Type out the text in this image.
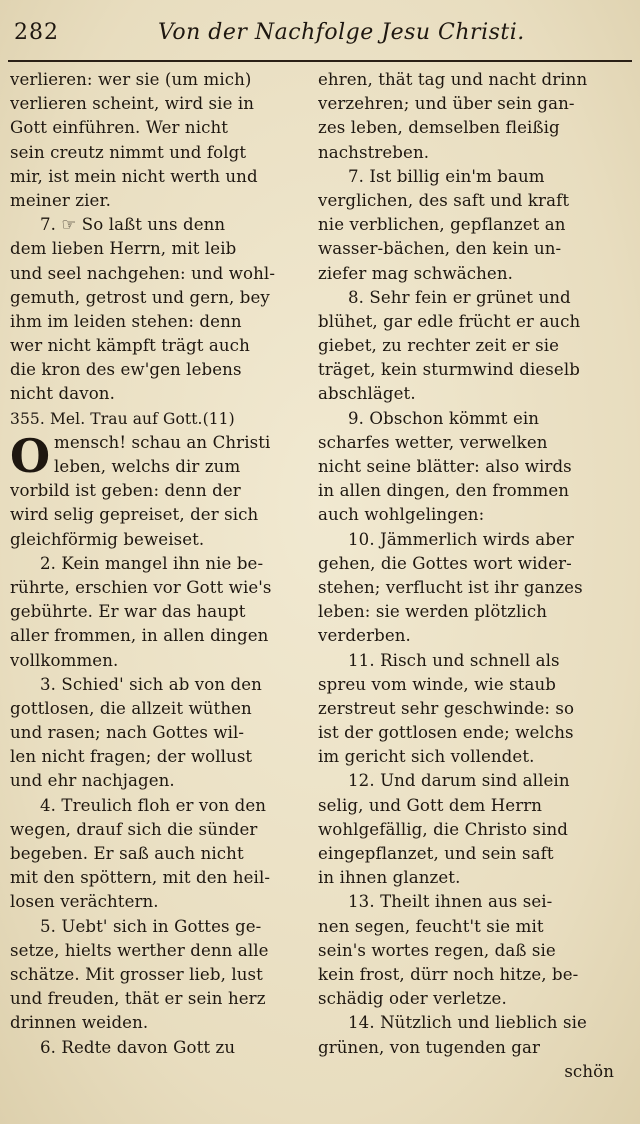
282	Von der Nachfolge Jesu Christi.
verlieren: wer sie (um mich)
verlieren scheint, wird sie in
Gott einführen. Wer nicht
sein creutz nimmt und folgt
mir, ist mein nicht werth und
meiner zier.
7. ☞ So laßt uns denn
dem lieben Herrn, mit leib
und seel nachgehen: und wohl-
gemuth, getrost und gern, bey
ihm im leiden stehen: denn
wer nicht kämpft trägt auch
die kron des ew'gen lebens
nicht davon.
355. Mel. Trau auf Gott.(11)
O mensch! schau an Christi
leben, welchs dir zum
vorbild ist geben: denn der
wird selig gepreiset, der sich
gleichförmig beweiset.
2. Kein mangel ihn nie be-
rührte, erschien vor Gott wie's
gebührte. Er war das haupt
aller frommen, in allen dingen
vollkommen.
3. Schied' sich ab von den
gottlosen, die allzeit wüthen
und rasen; nach Gottes wil-
len nicht fragen; der wollust
und ehr nachjagen.
4. Treulich floh er von den
wegen, drauf sich die sünder
begeben. Er saß auch nicht
mit den spöttern, mit den heil-
losen verächtern.
5. Uebt' sich in Gottes ge-
setze, hielts werther denn alle
schätze. Mit grosser lieb, lust
und freuden, thät er sein herz
drinnen weiden.
6. Redte davon Gott zu
ehren, thät tag und nacht drinn
verzehren; und über sein gan-
zes leben, demselben fleißig
nachstreben.
7. Ist billig ein'm baum
verglichen, des saft und kraft
nie verblichen, gepflanzet an
wasser-bächen, den kein un-
ziefer mag schwächen.
8. Sehr fein er grünet und
blühet, gar edle frücht er auch
giebet, zu rechter zeit er sie
träget, kein sturmwind dieselb
abschläget.
9. Obschon kömmt ein
scharfes wetter, verwelken
nicht seine blätter: also wirds
in allen dingen, den frommen
auch wohlgelingen:
10. Jämmerlich wirds aber
gehen, die Gottes wort wider-
stehen; verflucht ist ihr ganzes
leben: sie werden plötzlich
verderben.
11. Risch und schnell als
spreu vom winde, wie staub
zerstreut sehr geschwinde: so
ist der gottlosen ende; welchs
im gericht sich vollendet.
12. Und darum sind allein
selig, und Gott dem Herrn
wohlgefällig, die Christo sind
eingepflanzet, und sein saft
in ihnen glanzet.
13. Theilt ihnen aus sei-
nen segen, feucht't sie mit
sein's wortes regen, daß sie
kein frost, dürr noch hitze, be-
schädig oder verletze.
14. Nützlich und lieblich sie
grünen, von tugenden gar
schön
